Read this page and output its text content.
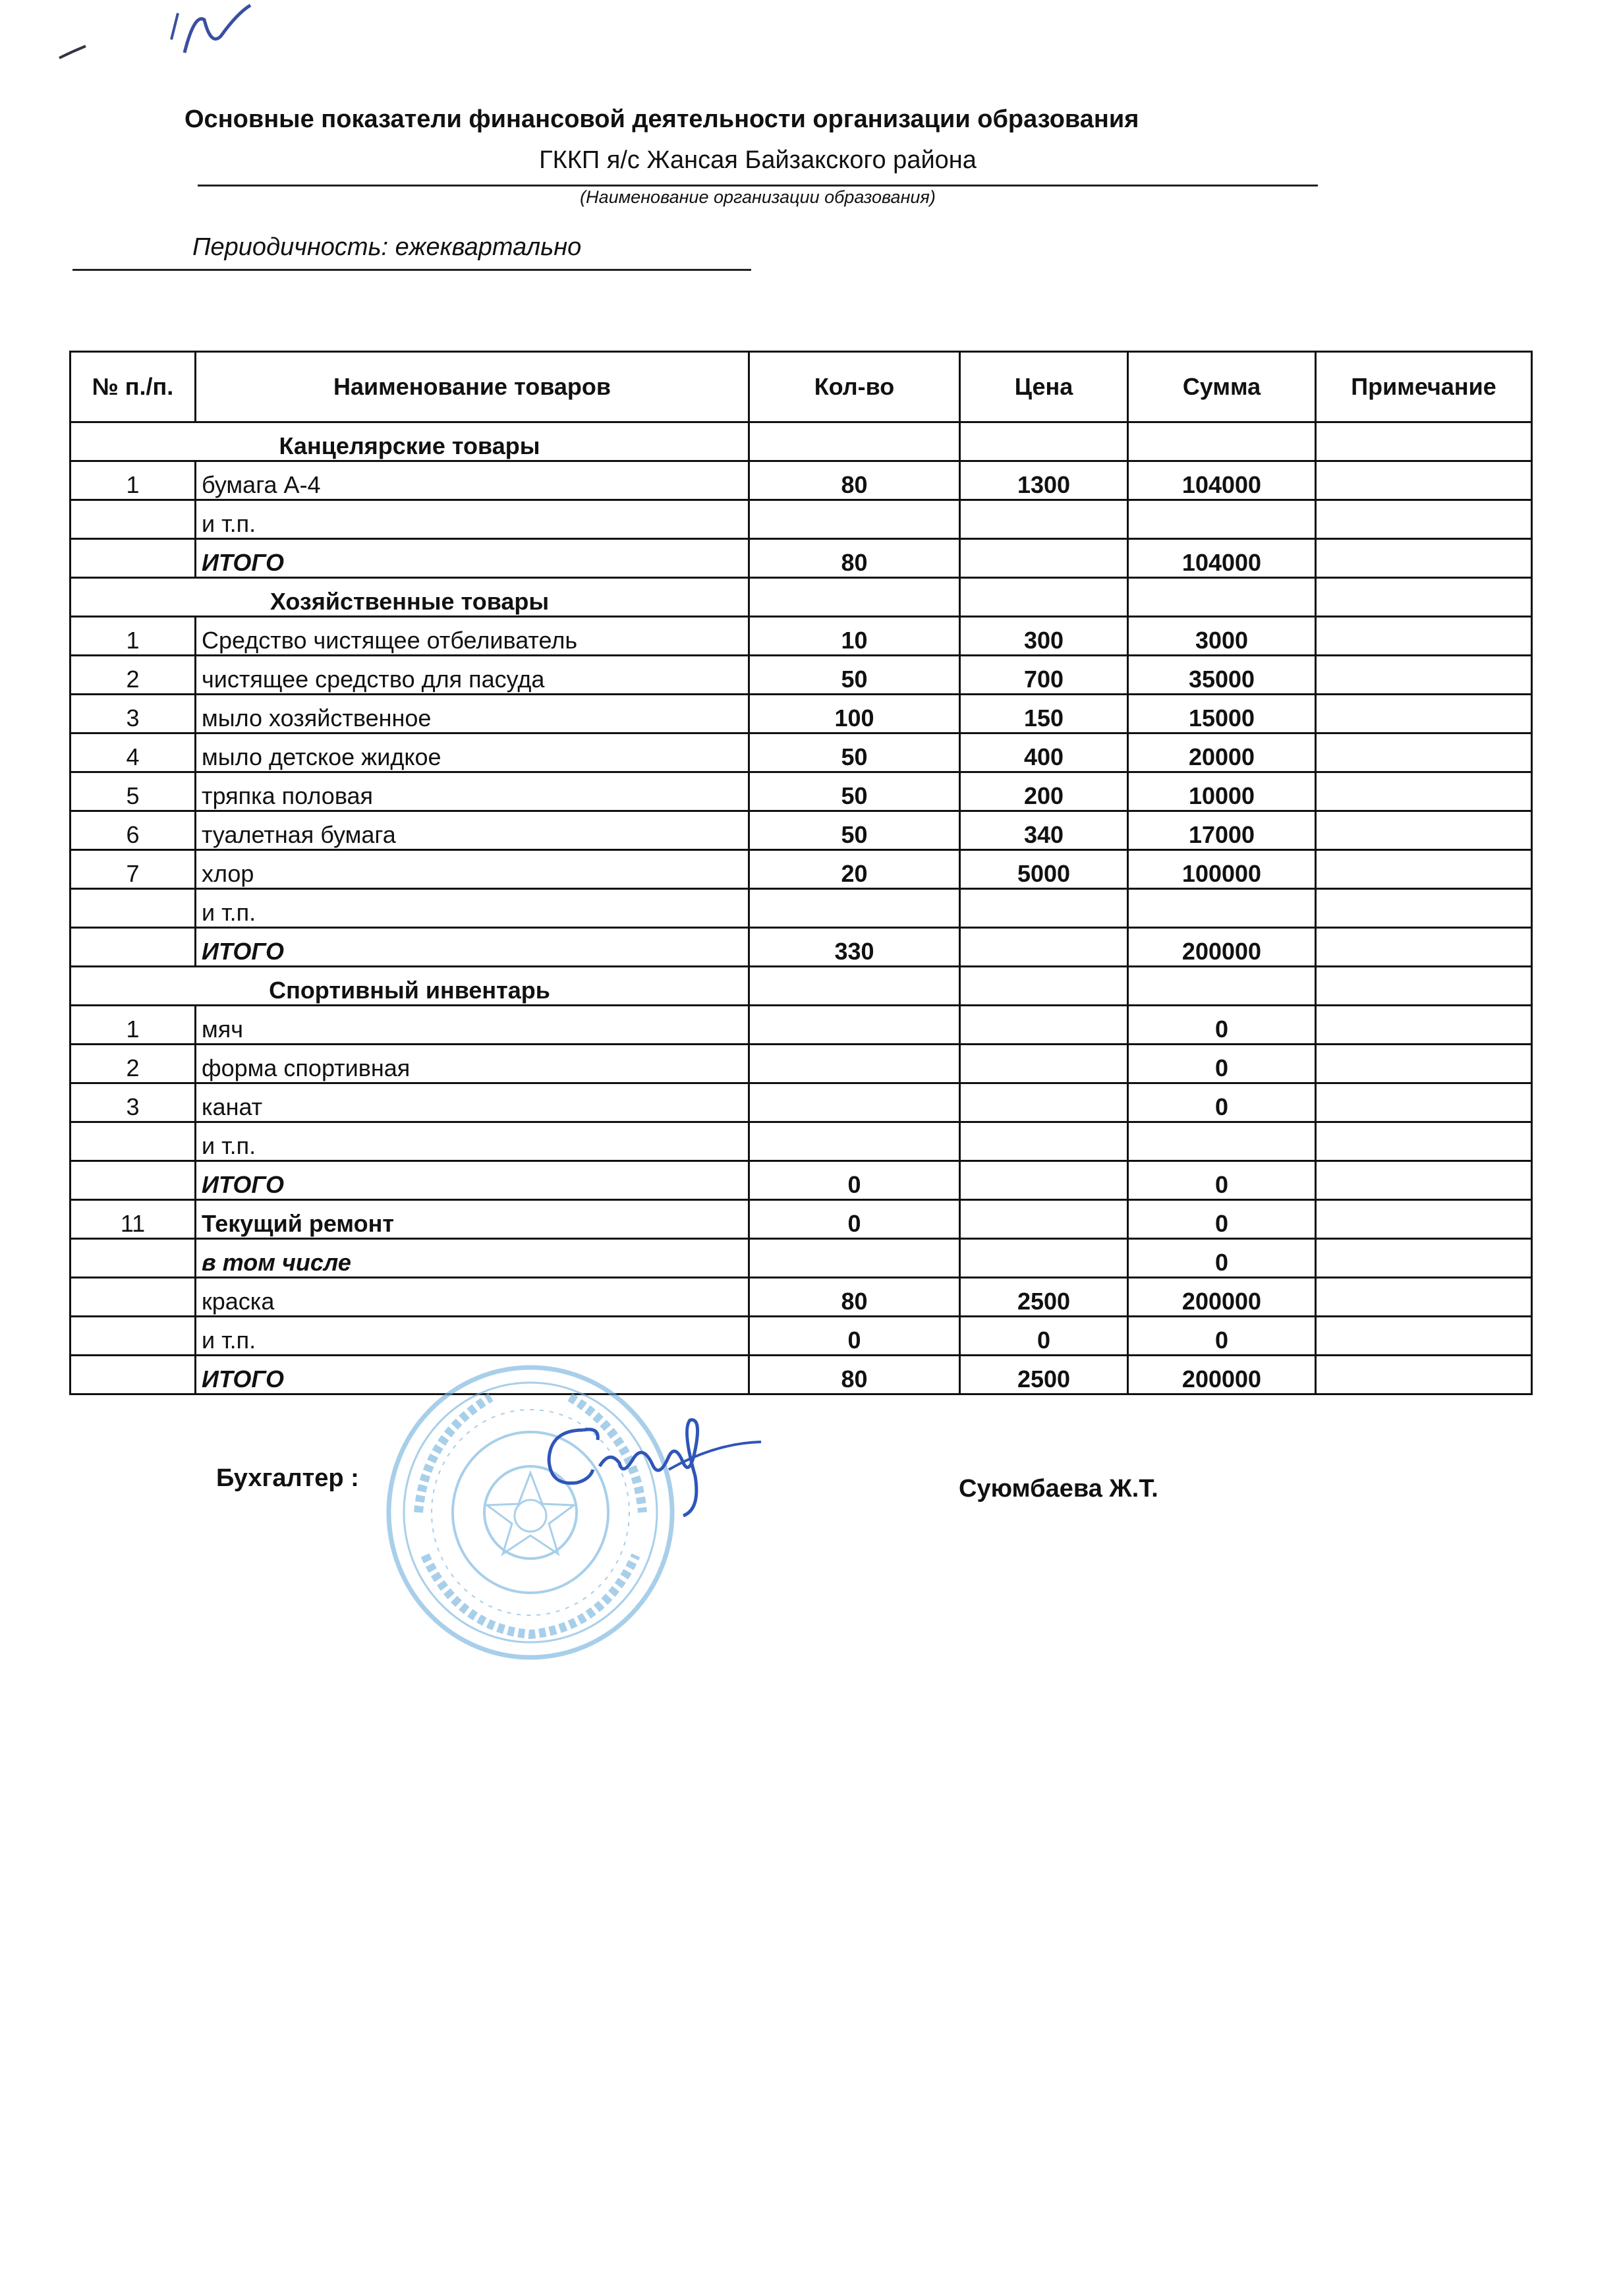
Основные показатели финансовой деятельности организации образования
ГККП я/с Жансая Байзакского района
(Наименование организации образования)
Периодичность: ежеквартально
№ п./п.	Наименование товаров	Кол-во	Цена	Сумма	Примечание
Канцелярские товары					
1	бумага А-4	80	1300	104000	
	и т.п.				
	ИТОГО	80		104000	
Хозяйственные товары					
1	Средство чистящее отбеливатель	10	300	3000	
2	чистящее средство для пасуда	50	700	35000	
3	мыло хозяйственное	100	150	15000	
4	мыло детское жидкое	50	400	20000	
5	тряпка половая	50	200	10000	
6	туалетная бумага	50	340	17000	
7	хлор	20	5000	100000	
	и т.п.				
	ИТОГО	330		200000	
Спортивный инвентарь					
1	мяч			0	
2	форма спортивная			0	
3	канат			0	
	и т.п.				
	ИТОГО	0		0	
11	Текущий ремонт	0		0	
	в том числе			0	
	краска	80	2500	200000	
	и т.п.	0	0	0	
	ИТОГО	80	2500	200000	
Бухгалтер :	Суюмбаева Ж.Т.
